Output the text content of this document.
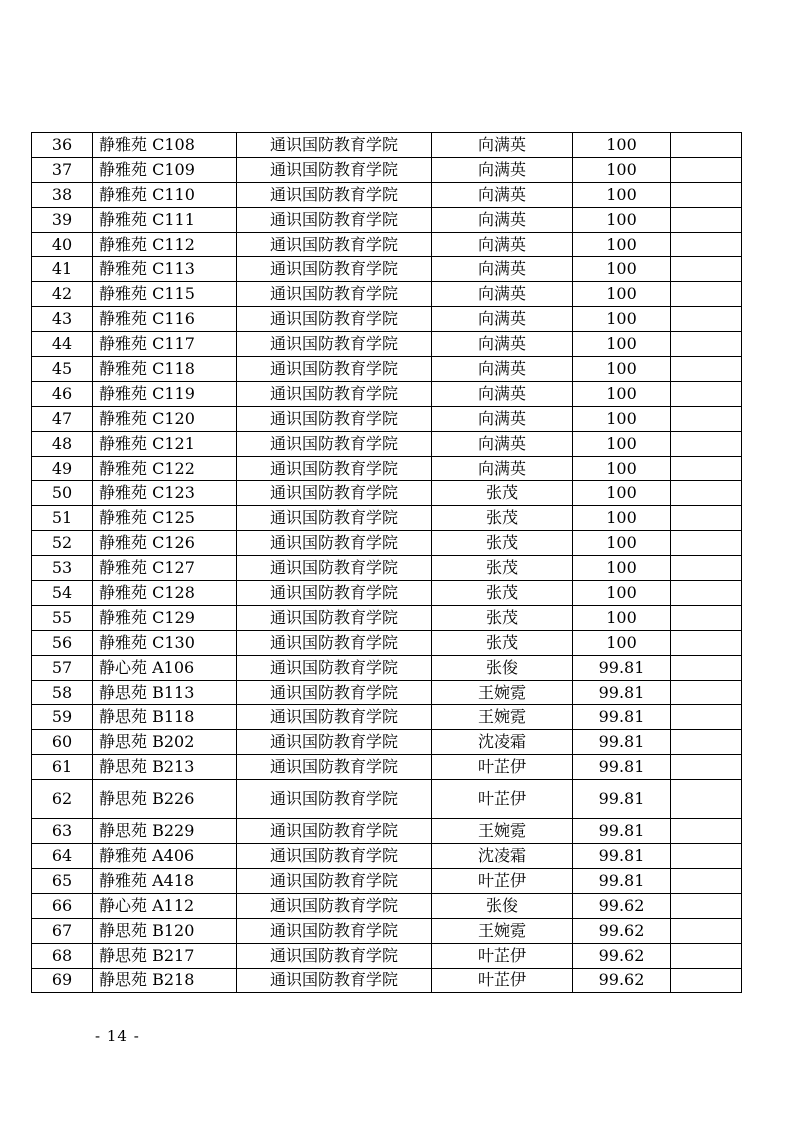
36	静雅苑 C108	通识国防教育学院	向满英	100	
37	静雅苑 C109	通识国防教育学院	向满英	100	
38	静雅苑 C110	通识国防教育学院	向满英	100	
39	静雅苑 C111	通识国防教育学院	向满英	100	
40	静雅苑 C112	通识国防教育学院	向满英	100	
41	静雅苑 C113	通识国防教育学院	向满英	100	
42	静雅苑 C115	通识国防教育学院	向满英	100	
43	静雅苑 C116	通识国防教育学院	向满英	100	
44	静雅苑 C117	通识国防教育学院	向满英	100	
45	静雅苑 C118	通识国防教育学院	向满英	100	
46	静雅苑 C119	通识国防教育学院	向满英	100	
47	静雅苑 C120	通识国防教育学院	向满英	100	
48	静雅苑 C121	通识国防教育学院	向满英	100	
49	静雅苑 C122	通识国防教育学院	向满英	100	
50	静雅苑 C123	通识国防教育学院	张茂	100	
51	静雅苑 C125	通识国防教育学院	张茂	100	
52	静雅苑 C126	通识国防教育学院	张茂	100	
53	静雅苑 C127	通识国防教育学院	张茂	100	
54	静雅苑 C128	通识国防教育学院	张茂	100	
55	静雅苑 C129	通识国防教育学院	张茂	100	
56	静雅苑 C130	通识国防教育学院	张茂	100	
57	静心苑 A106	通识国防教育学院	张俊	99.81	
58	静思苑 B113	通识国防教育学院	王婉霓	99.81	
59	静思苑 B118	通识国防教育学院	王婉霓	99.81	
60	静思苑 B202	通识国防教育学院	沈凌霜	99.81	
61	静思苑 B213	通识国防教育学院	叶芷伊	99.81	
62	静思苑 B226	通识国防教育学院	叶芷伊	99.81	
63	静思苑 B229	通识国防教育学院	王婉霓	99.81	
64	静雅苑 A406	通识国防教育学院	沈凌霜	99.81	
65	静雅苑 A418	通识国防教育学院	叶芷伊	99.81	
66	静心苑 A112	通识国防教育学院	张俊	99.62	
67	静思苑 B120	通识国防教育学院	王婉霓	99.62	
68	静思苑 B217	通识国防教育学院	叶芷伊	99.62	
69	静思苑 B218	通识国防教育学院	叶芷伊	99.62	
- 14 -
